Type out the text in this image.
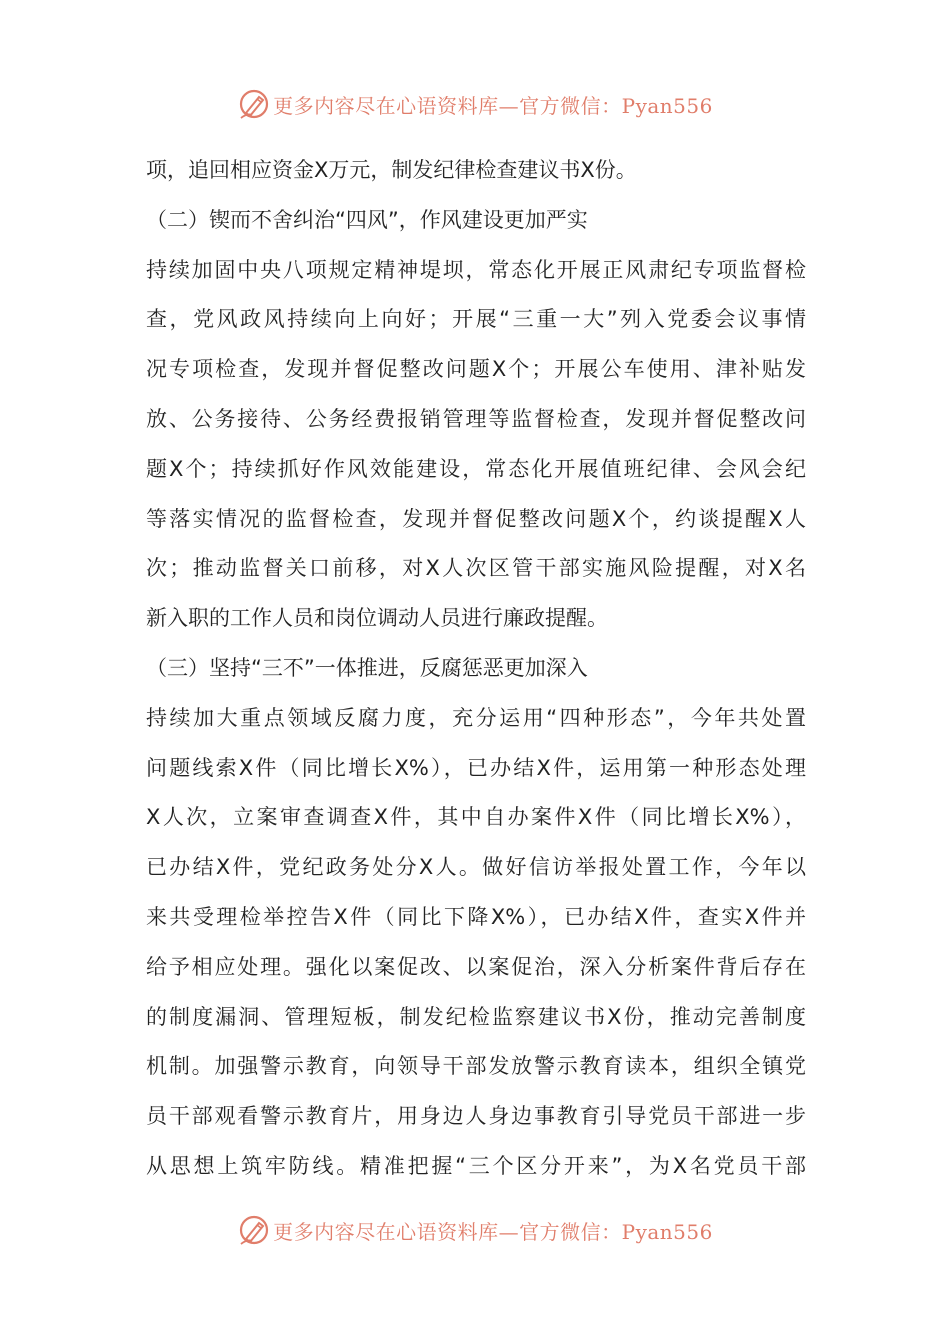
更多内容尽在心语资料库—官方微信：Pyan556
项，追回相应资金X万元，制发纪律检查建议书X份。
（二）锲而不舍纠治“四风”，作风建设更加严实
持续加固中央八项规定精神堤坝，常态化开展正风肃纪专项监督检
查，党风政风持续向上向好；开展“三重一大”列入党委会议事情
况专项检查，发现并督促整改问题X个；开展公车使用、津补贴发
放、公务接待、公务经费报销管理等监督检查，发现并督促整改问
题X个；持续抓好作风效能建设，常态化开展值班纪律、会风会纪
等落实情况的监督检查，发现并督促整改问题X个，约谈提醒X人
次；推动监督关口前移，对X人次区管干部实施风险提醒，对X名
新入职的工作人员和岗位调动人员进行廉政提醒。
（三）坚持“三不”一体推进，反腐惩恶更加深入
持续加大重点领域反腐力度，充分运用“四种形态”，今年共处置
问题线索X件（同比增长X%），已办结X件，运用第一种形态处理
X人次，立案审查调查X件，其中自办案件X件（同比增长X%），
已办结X件，党纪政务处分X人。做好信访举报处置工作，今年以
来共受理检举控告X件（同比下降X%），已办结X件，查实X件并
给予相应处理。强化以案促改、以案促治，深入分析案件背后存在
的制度漏洞、管理短板，制发纪检监察建议书X份，推动完善制度
机制。加强警示教育，向领导干部发放警示教育读本，组织全镇党
员干部观看警示教育片，用身边人身边事教育引导党员干部进一步
从思想上筑牢防线。精准把握“三个区分开来”，为X名党员干部
更多内容尽在心语资料库—官方微信：Pyan556
